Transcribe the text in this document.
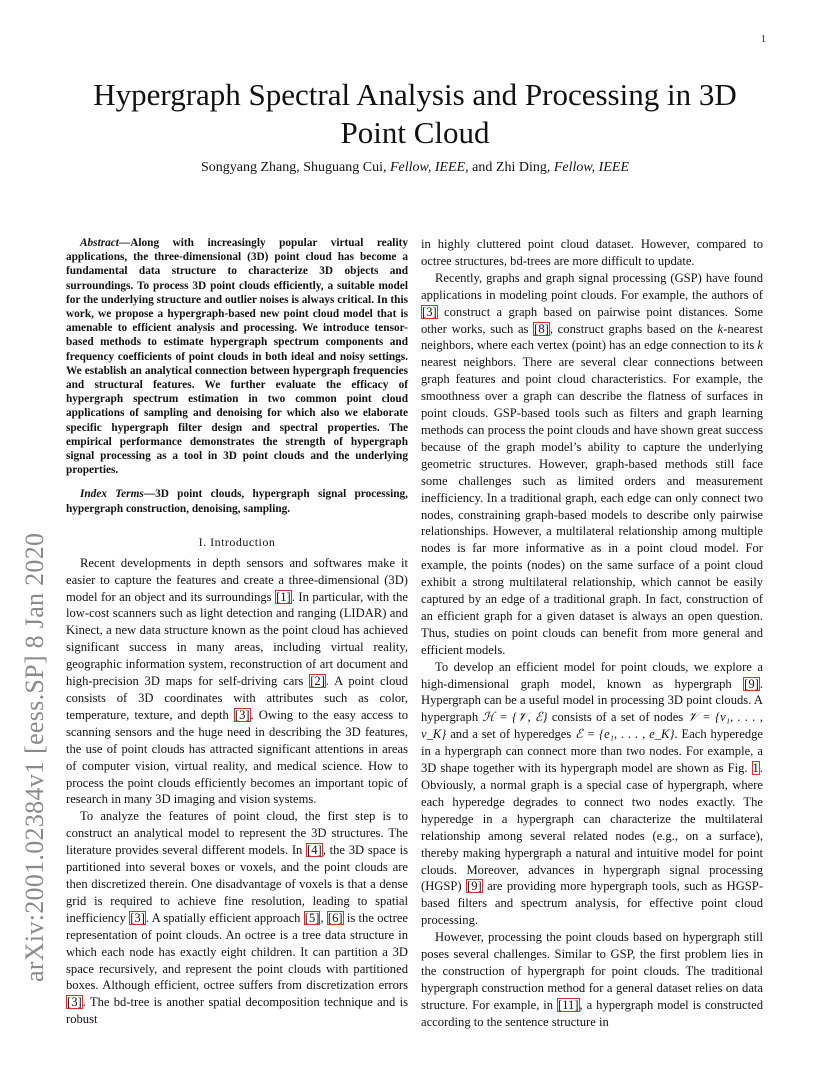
1
arXiv:2001.02384v1 [eess.SP] 8 Jan 2020
Hypergraph Spectral Analysis and Processing in 3D Point Cloud

Songyang Zhang, Shuguang Cui, Fellow, IEEE, and Zhi Ding, Fellow, IEEE

Abstract—Along with increasingly popular virtual reality applications, the three-dimensional (3D) point cloud has become a fundamental data structure to characterize 3D objects and surroundings. To process 3D point clouds efficiently, a suitable model for the underlying structure and outlier noises is always critical. In this work, we propose a hypergraph-based new point cloud model that is amenable to efficient analysis and processing. We introduce tensor-based methods to estimate hypergraph spectrum components and frequency coefficients of point clouds in both ideal and noisy settings. We establish an analytical connection between hypergraph frequencies and structural features. We further evaluate the efficacy of hypergraph spectrum estimation in two common point cloud applications of sampling and denoising for which also we elaborate specific hypergraph filter design and spectral properties. The empirical performance demonstrates the strength of hypergraph signal processing as a tool in 3D point clouds and the underlying properties.

Index Terms—3D point clouds, hypergraph signal processing, hypergraph construction, denoising, sampling.

I. Introduction

Recent developments in depth sensors and softwares make it easier to capture the features and create a three-dimensional (3D) model for an object and its surroundings [1]. In particular, with the low-cost scanners such as light detection and ranging (LIDAR) and Kinect, a new data structure known as the point cloud has achieved significant success in many areas, including virtual reality, geographic information system, reconstruction of art document and high-precision 3D maps for self-driving cars [2]. A point cloud consists of 3D coordinates with attributes such as color, temperature, texture, and depth [3]. Owing to the easy access to scanning sensors and the huge need in describing the 3D features, the use of point clouds has attracted significant attentions in areas of computer vision, virtual reality, and medical science. How to process the point clouds efficiently becomes an important topic of research in many 3D imaging and vision systems.

To analyze the features of point cloud, the first step is to construct an analytical model to represent the 3D structures. The literature provides several different models. In [4], the 3D space is partitioned into several boxes or voxels, and the point clouds are then discretized therein. One disadvantage of voxels is that a dense grid is required to achieve fine resolution, leading to spatial inefficiency [3]. A spatially efficient approach [5], [6] is the octree representation of point clouds. An octree is a tree data structure in which each node has exactly eight children. It can partition a 3D space recursively, and represent the point clouds with partitioned boxes. Although efficient, octree suffers from discretization errors [3]. The bd-tree is another spatial decomposition technique and is robust

in highly cluttered point cloud dataset. However, compared to octree structures, bd-trees are more difficult to update.

Recently, graphs and graph signal processing (GSP) have found applications in modeling point clouds. For example, the authors of [3] construct a graph based on pairwise point distances. Some other works, such as [8], construct graphs based on the k-nearest neighbors, where each vertex (point) has an edge connection to its k nearest neighbors. There are several clear connections between graph features and point cloud characteristics. For example, the smoothness over a graph can describe the flatness of surfaces in point clouds. GSP-based tools such as filters and graph learning methods can process the point clouds and have shown great success because of the graph model’s ability to capture the underlying geometric structures. However, graph-based methods still face some challenges such as limited orders and measurement inefficiency. In a traditional graph, each edge can only connect two nodes, constraining graph-based models to describe only pairwise relationships. However, a multilateral relationship among multiple nodes is far more informative as in a point cloud model. For example, the points (nodes) on the same surface of a point cloud exhibit a strong multilateral relationship, which cannot be easily captured by an edge of a traditional graph. In fact, construction of an efficient graph for a given dataset is always an open question. Thus, studies on point clouds can benefit from more general and efficient models.

To develop an efficient model for point clouds, we explore a high-dimensional graph model, known as hypergraph [9]. Hypergraph can be a useful model in processing 3D point clouds. A hypergraph ℋ = {𝒱, ℰ} consists of a set of nodes 𝒱 = {v₁, . . . , v_K} and a set of hyperedges ℰ = {e₁, . . . , e_K}. Each hyperedge in a hypergraph can connect more than two nodes. For example, a 3D shape together with its hypergraph model are shown as Fig. 1. Obviously, a normal graph is a special case of hypergraph, where each hyperedge degrades to connect two nodes exactly. The hyperedge in a hypergraph can characterize the multilateral relationship among several related nodes (e.g., on a surface), thereby making hypergraph a natural and intuitive model for point clouds. Moreover, advances in hypergraph signal processing (HGSP) [9] are providing more hypergraph tools, such as HGSP-based filters and spectrum analysis, for effective point cloud processing.

However, processing the point clouds based on hypergraph still poses several challenges. Similar to GSP, the first problem lies in the construction of hypergraph for point clouds. The traditional hypergraph construction method for a general dataset relies on data structure. For example, in [11], a hypergraph model is constructed according to the sentence structure in
